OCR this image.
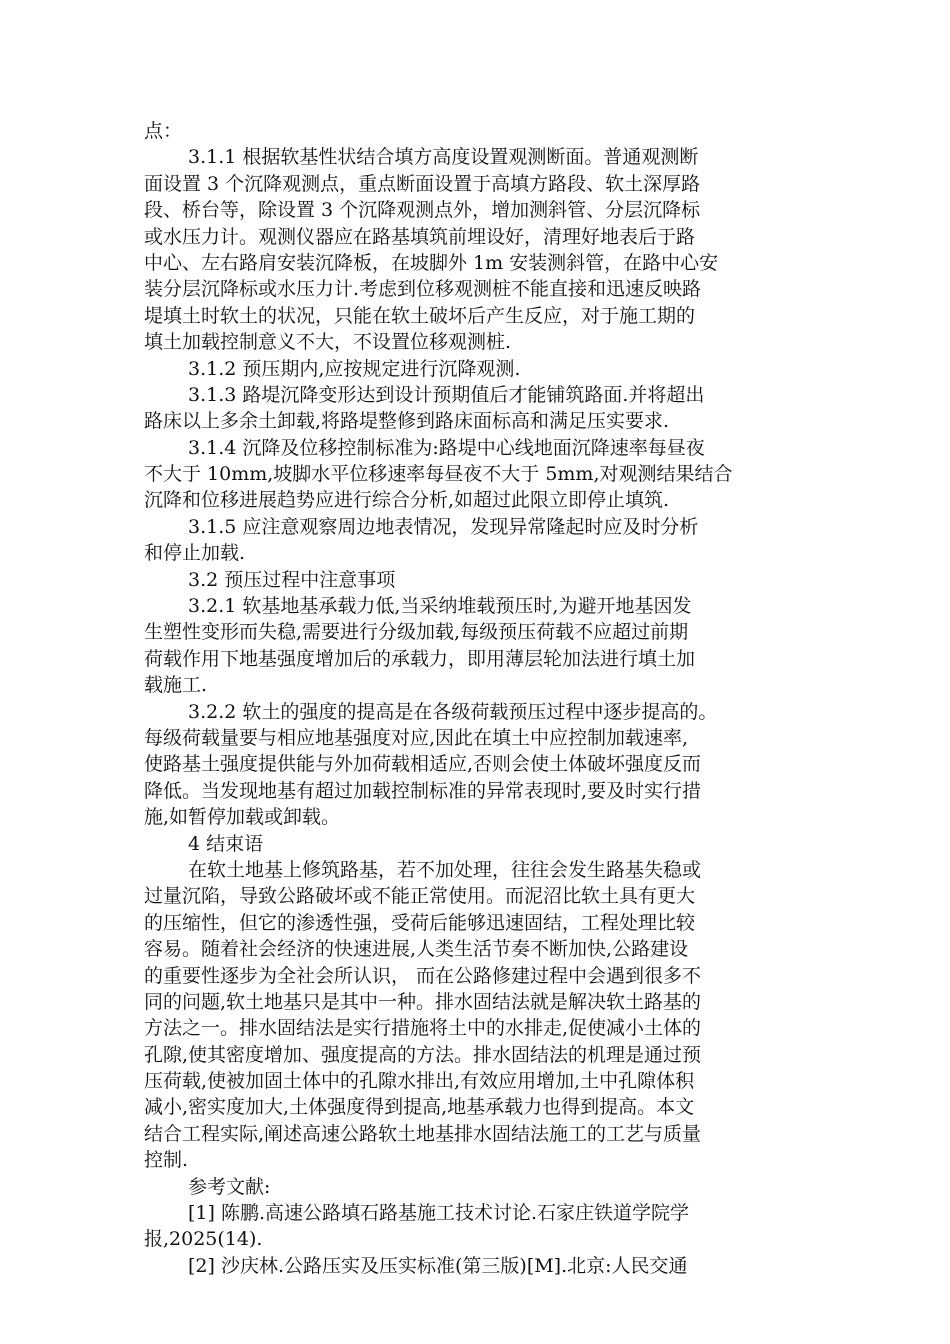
点：
3.1.1 根据软基性状结合填方高度设置观测断面。普通观测断
面设置 3 个沉降观测点，重点断面设置于高填方路段、软土深厚路
段、桥台等，除设置 3 个沉降观测点外，增加测斜管、分层沉降标
或水压力计。观测仪器应在路基填筑前埋设好，清理好地表后于路
中心、左右路肩安装沉降板，在坡脚外 1m 安装测斜管，在路中心安
装分层沉降标或水压力计.考虑到位移观测桩不能直接和迅速反映路
堤填土时软土的状况，只能在软土破坏后产生反应，对于施工期的
填土加载控制意义不大，不设置位移观测桩.
3.1.2 预压期内,应按规定进行沉降观测.
3.1.3 路堤沉降变形达到设计预期值后才能铺筑路面.并将超出
路床以上多余土卸载,将路堤整修到路床面标高和满足压实要求.
3.1.4 沉降及位移控制标准为:路堤中心线地面沉降速率每昼夜
不大于 10mm,坡脚水平位移速率每昼夜不大于 5mm,对观测结果结合
沉降和位移进展趋势应进行综合分析,如超过此限立即停止填筑.
3.1.5 应注意观察周边地表情况，发现异常隆起时应及时分析
和停止加载.
3.2 预压过程中注意事项
3.2.1 软基地基承载力低,当采纳堆载预压时,为避开地基因发
生塑性变形而失稳,需要进行分级加载,每级预压荷载不应超过前期
荷载作用下地基强度增加后的承载力，即用薄层轮加法进行填土加
载施工.
3.2.2 软土的强度的提高是在各级荷载预压过程中逐步提高的。
每级荷载量要与相应地基强度对应,因此在填土中应控制加载速率,
使路基土强度提供能与外加荷载相适应,否则会使土体破坏强度反而
降低。当发现地基有超过加载控制标准的异常表现时,要及时实行措
施,如暂停加载或卸载。
4 结束语
在软土地基上修筑路基，若不加处理，往往会发生路基失稳或
过量沉陷，导致公路破坏或不能正常使用。而泥沼比软土具有更大
的压缩性，但它的渗透性强，受荷后能够迅速固结，工程处理比较
容易。随着社会经济的快速进展,人类生活节奏不断加快,公路建设
的重要性逐步为全社会所认识， 而在公路修建过程中会遇到很多不
同的问题,软土地基只是其中一种。排水固结法就是解决软土路基的
方法之一。排水固结法是实行措施将土中的水排走,促使减小土体的
孔隙,使其密度增加、强度提高的方法。排水固结法的机理是通过预
压荷载,使被加固土体中的孔隙水排出,有效应用增加,土中孔隙体积
减小,密实度加大,土体强度得到提高,地基承载力也得到提高。本文
结合工程实际,阐述高速公路软土地基排水固结法施工的工艺与质量
控制.
参考文献:
[1] 陈鹏.高速公路填石路基施工技术讨论.石家庄铁道学院学
报,2025(14).
[2] 沙庆林.公路压实及压实标准(第三版)[M].北京:人民交通
